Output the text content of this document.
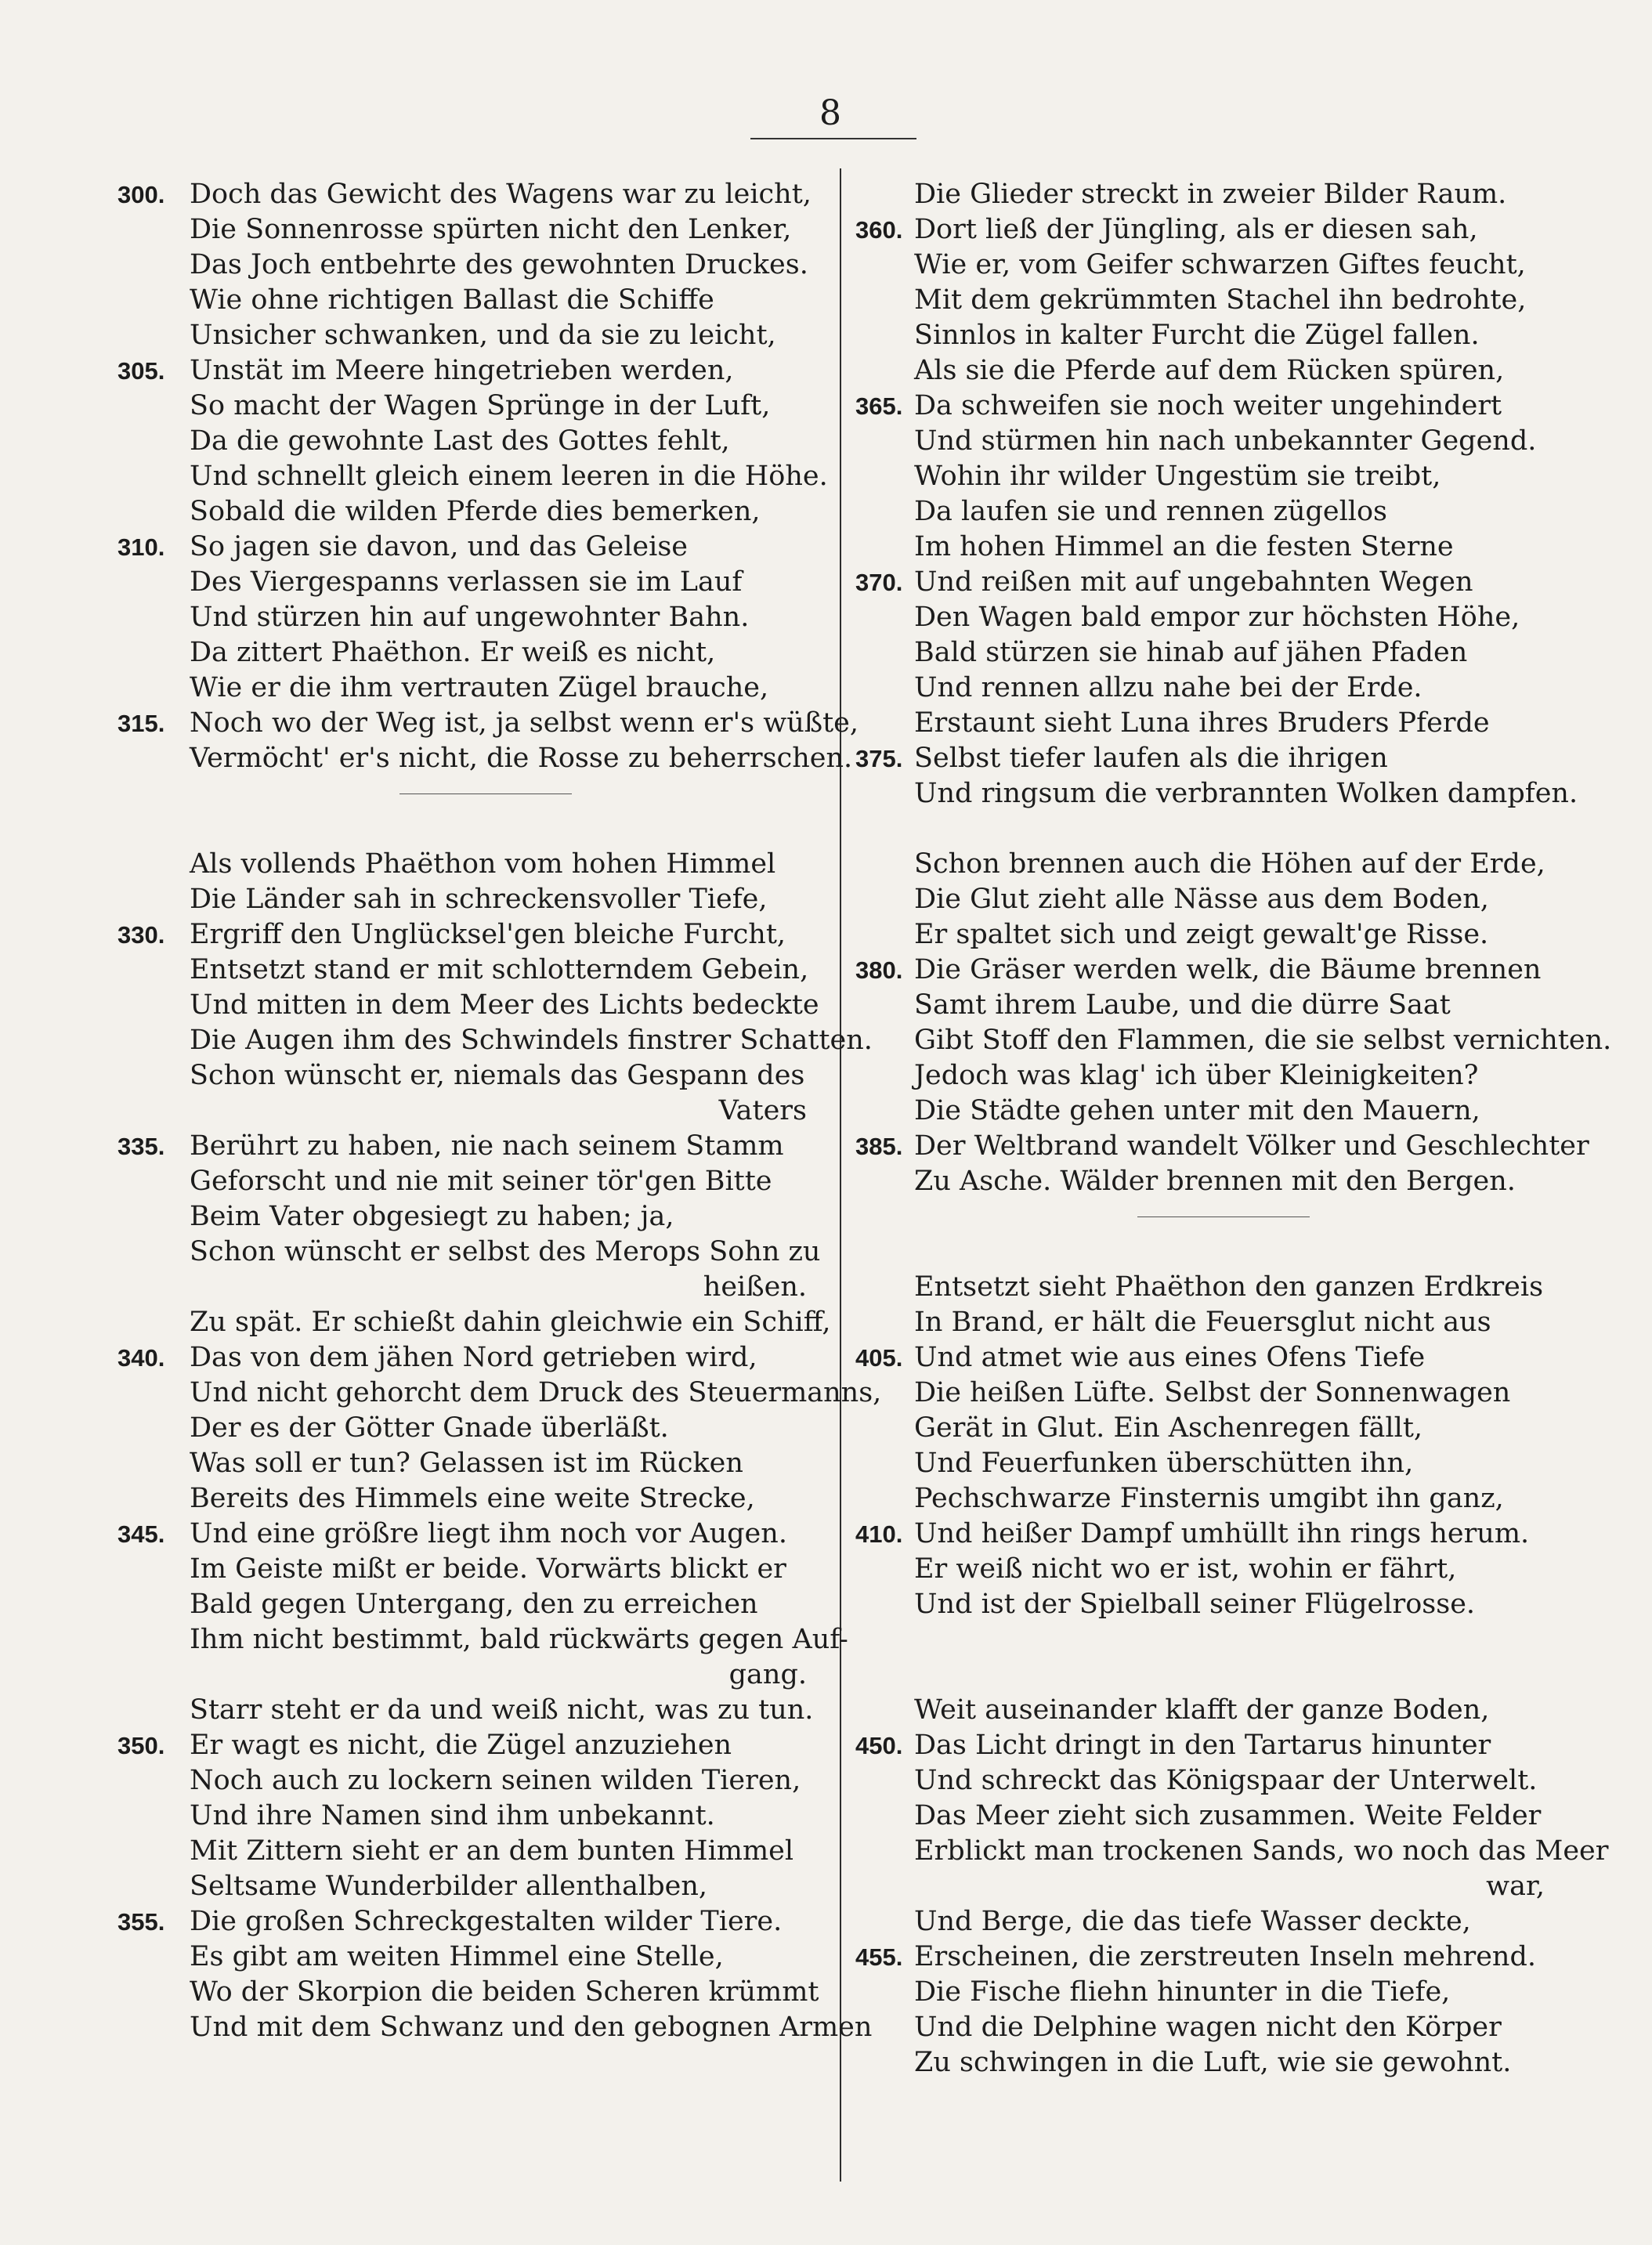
8
300. Doch das Gewicht des Wagens war zu leicht,
Die Sonnenrosse spürten nicht den Lenker,
Das Joch entbehrte des gewohnten Druckes.
Wie ohne richtigen Ballast die Schiffe
Unsicher schwanken, und da sie zu leicht,
305. Unstät im Meere hingetrieben werden,
So macht der Wagen Sprünge in der Luft,
Da die gewohnte Last des Gottes fehlt,
Und schnellt gleich einem leeren in die Höhe.
Sobald die wilden Pferde dies bemerken,
310. So jagen sie davon, und das Geleise
Des Viergespanns verlassen sie im Lauf
Und stürzen hin auf ungewohnter Bahn.
Da zittert Phaëthon. Er weiß es nicht,
Wie er die ihm vertrauten Zügel brauche,
315. Noch wo der Weg ist, ja selbst wenn er's wüßte,
Vermöcht' er's nicht, die Rosse zu beherrschen.
Als vollends Phaëthon vom hohen Himmel
Die Länder sah in schreckensvoller Tiefe,
330. Ergriff den Unglücksel'gen bleiche Furcht,
Entsetzt stand er mit schlotterndem Gebein,
Und mitten in dem Meer des Lichts bedeckte
Die Augen ihm des Schwindels finstrer Schatten.
Schon wünscht er, niemals das Gespann des
Vaters
335. Berührt zu haben, nie nach seinem Stamm
Geforscht und nie mit seiner tör'gen Bitte
Beim Vater obgesiegt zu haben; ja,
Schon wünscht er selbst des Merops Sohn zu
heißen.
Zu spät. Er schießt dahin gleichwie ein Schiff,
340. Das von dem jähen Nord getrieben wird,
Und nicht gehorcht dem Druck des Steuermanns,
Der es der Götter Gnade überläßt.
Was soll er tun? Gelassen ist im Rücken
Bereits des Himmels eine weite Strecke,
345. Und eine größre liegt ihm noch vor Augen.
Im Geiste mißt er beide. Vorwärts blickt er
Bald gegen Untergang, den zu erreichen
Ihm nicht bestimmt, bald rückwärts gegen Auf-
gang.
Starr steht er da und weiß nicht, was zu tun.
350. Er wagt es nicht, die Zügel anzuziehen
Noch auch zu lockern seinen wilden Tieren,
Und ihre Namen sind ihm unbekannt.
Mit Zittern sieht er an dem bunten Himmel
Seltsame Wunderbilder allenthalben,
355. Die großen Schreckgestalten wilder Tiere.
Es gibt am weiten Himmel eine Stelle,
Wo der Skorpion die beiden Scheren krümmt
Und mit dem Schwanz und den gebognen Armen
Die Glieder streckt in zweier Bilder Raum.
360. Dort ließ der Jüngling, als er diesen sah,
Wie er, vom Geifer schwarzen Giftes feucht,
Mit dem gekrümmten Stachel ihn bedrohte,
Sinnlos in kalter Furcht die Zügel fallen.
Als sie die Pferde auf dem Rücken spüren,
365. Da schweifen sie noch weiter ungehindert
Und stürmen hin nach unbekannter Gegend.
Wohin ihr wilder Ungestüm sie treibt,
Da laufen sie und rennen zügellos
Im hohen Himmel an die festen Sterne
370. Und reißen mit auf ungebahnten Wegen
Den Wagen bald empor zur höchsten Höhe,
Bald stürzen sie hinab auf jähen Pfaden
Und rennen allzu nahe bei der Erde.
Erstaunt sieht Luna ihres Bruders Pferde
375. Selbst tiefer laufen als die ihrigen
Und ringsum die verbrannten Wolken dampfen.
Schon brennen auch die Höhen auf der Erde,
Die Glut zieht alle Nässe aus dem Boden,
Er spaltet sich und zeigt gewalt'ge Risse.
380. Die Gräser werden welk, die Bäume brennen
Samt ihrem Laube, und die dürre Saat
Gibt Stoff den Flammen, die sie selbst vernichten.
Jedoch was klag' ich über Kleinigkeiten?
Die Städte gehen unter mit den Mauern,
385. Der Weltbrand wandelt Völker und Geschlechter
Zu Asche. Wälder brennen mit den Bergen.
Entsetzt sieht Phaëthon den ganzen Erdkreis
In Brand, er hält die Feuersglut nicht aus
405. Und atmet wie aus eines Ofens Tiefe
Die heißen Lüfte. Selbst der Sonnenwagen
Gerät in Glut. Ein Aschenregen fällt,
Und Feuerfunken überschütten ihn,
Pechschwarze Finsternis umgibt ihn ganz,
410. Und heißer Dampf umhüllt ihn rings herum.
Er weiß nicht wo er ist, wohin er fährt,
Und ist der Spielball seiner Flügelrosse.
Weit auseinander klafft der ganze Boden,
450. Das Licht dringt in den Tartarus hinunter
Und schreckt das Königspaar der Unterwelt.
Das Meer zieht sich zusammen. Weite Felder
Erblickt man trockenen Sands, wo noch das Meer
war,
Und Berge, die das tiefe Wasser deckte,
455. Erscheinen, die zerstreuten Inseln mehrend.
Die Fische fliehn hinunter in die Tiefe,
Und die Delphine wagen nicht den Körper
Zu schwingen in die Luft, wie sie gewohnt.
